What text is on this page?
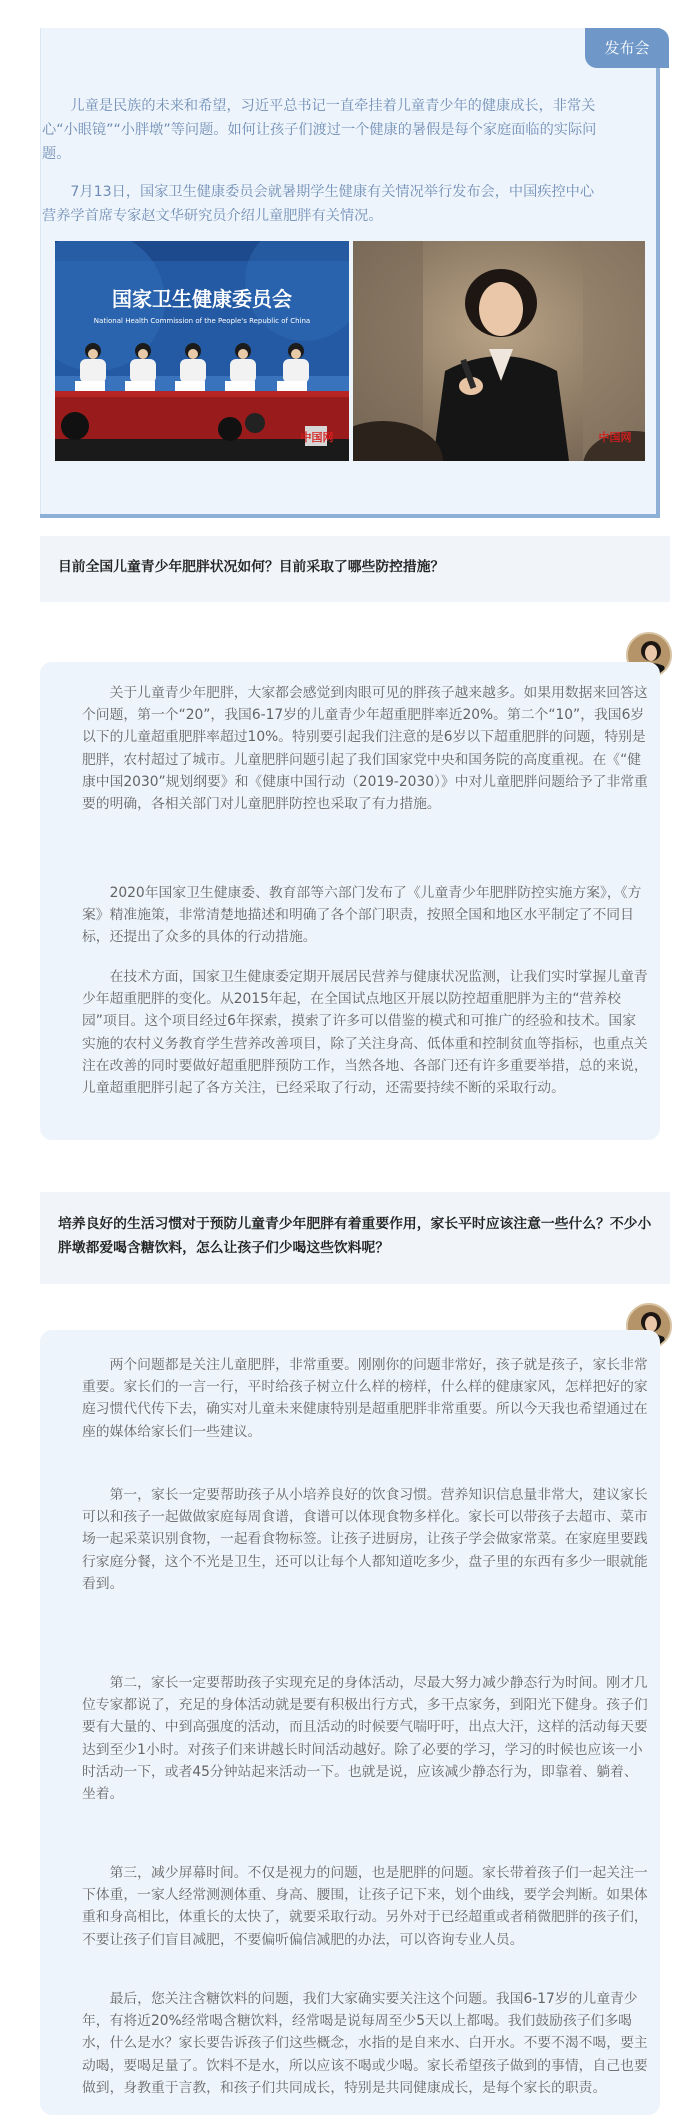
发布会

儿童是民族的未来和希望，习近平总书记一直牵挂着儿童青少年的健康成长，非常关心“小眼镜”“小胖墩”等问题。如何让孩子们渡过一个健康的暑假是每个家庭面临的实际问题。

7月13日，国家卫生健康委员会就暑期学生健康有关情况举行发布会，中国疾控中心营养学首席专家赵文华研究员介绍儿童肥胖有关情况。

国家卫生健康委员会
National Health Commission of the People's Republic of China
中国网	中国网

目前全国儿童青少年肥胖状况如何？目前采取了哪些防控措施？

关于儿童青少年肥胖，大家都会感觉到肉眼可见的胖孩子越来越多。如果用数据来回答这个问题，第一个“20”，我国6-17岁的儿童青少年超重肥胖率近20%。第二个“10”，我国6岁以下的儿童超重肥胖率超过10%。特别要引起我们注意的是6岁以下超重肥胖的问题，特别是肥胖，农村超过了城市。儿童肥胖问题引起了我们国家党中央和国务院的高度重视。在《“健康中国2030”规划纲要》和《健康中国行动（2019-2030）》中对儿童肥胖问题给予了非常重要的明确，各相关部门对儿童肥胖防控也采取了有力措施。

2020年国家卫生健康委、教育部等六部门发布了《儿童青少年肥胖防控实施方案》，《方案》精准施策，非常清楚地描述和明确了各个部门职责，按照全国和地区水平制定了不同目标，还提出了众多的具体的行动措施。

在技术方面，国家卫生健康委定期开展居民营养与健康状况监测，让我们实时掌握儿童青少年超重肥胖的变化。从2015年起，在全国试点地区开展以防控超重肥胖为主的“营养校园”项目。这个项目经过6年探索，摸索了许多可以借鉴的模式和可推广的经验和技术。国家实施的农村义务教育学生营养改善项目，除了关注身高、低体重和控制贫血等指标，也重点关注在改善的同时要做好超重肥胖预防工作，当然各地、各部门还有许多重要举措，总的来说，儿童超重肥胖引起了各方关注，已经采取了行动，还需要持续不断的采取行动。

培养良好的生活习惯对于预防儿童青少年肥胖有着重要作用，家长平时应该注意一些什么？不少小胖墩都爱喝含糖饮料，怎么让孩子们少喝这些饮料呢？

两个问题都是关注儿童肥胖，非常重要。刚刚你的问题非常好，孩子就是孩子，家长非常重要。家长们的一言一行，平时给孩子树立什么样的榜样，什么样的健康家风，怎样把好的家庭习惯代代传下去，确实对儿童未来健康特别是超重肥胖非常重要。所以今天我也希望通过在座的媒体给家长们一些建议。

第一，家长一定要帮助孩子从小培养良好的饮食习惯。营养知识信息量非常大，建议家长可以和孩子一起做做家庭每周食谱，食谱可以体现食物多样化。家长可以带孩子去超市、菜市场一起采菜识别食物，一起看食物标签。让孩子进厨房，让孩子学会做家常菜。在家庭里要践行家庭分餐，这个不光是卫生，还可以让每个人都知道吃多少，盘子里的东西有多少一眼就能看到。

第二，家长一定要帮助孩子实现充足的身体活动，尽最大努力减少静态行为时间。刚才几位专家都说了，充足的身体活动就是要有积极出行方式，多干点家务，到阳光下健身。孩子们要有大量的、中到高强度的活动，而且活动的时候要气喘吁吁，出点大汗，这样的活动每天要达到至少1小时。对孩子们来讲越长时间活动越好。除了必要的学习，学习的时候也应该一小时活动一下，或者45分钟站起来活动一下。也就是说，应该减少静态行为，即靠着、躺着、坐着。

第三，减少屏幕时间。不仅是视力的问题，也是肥胖的问题。家长带着孩子们一起关注一下体重，一家人经常测测体重、身高、腰围，让孩子记下来，划个曲线，要学会判断。如果体重和身高相比，体重长的太快了，就要采取行动。另外对于已经超重或者稍微肥胖的孩子们，不要让孩子们盲目减肥，不要偏听偏信减肥的办法，可以咨询专业人员。

最后，您关注含糖饮料的问题，我们大家确实要关注这个问题。我国6-17岁的儿童青少年，有将近20%经常喝含糖饮料，经常喝是说每周至少5天以上都喝。我们鼓励孩子们多喝水，什么是水？家长要告诉孩子们这些概念，水指的是自来水、白开水。不要不渴不喝，要主动喝，要喝足量了。饮料不是水，所以应该不喝或少喝。家长希望孩子做到的事情，自己也要做到，身教重于言教，和孩子们共同成长，特别是共同健康成长，是每个家长的职责。
